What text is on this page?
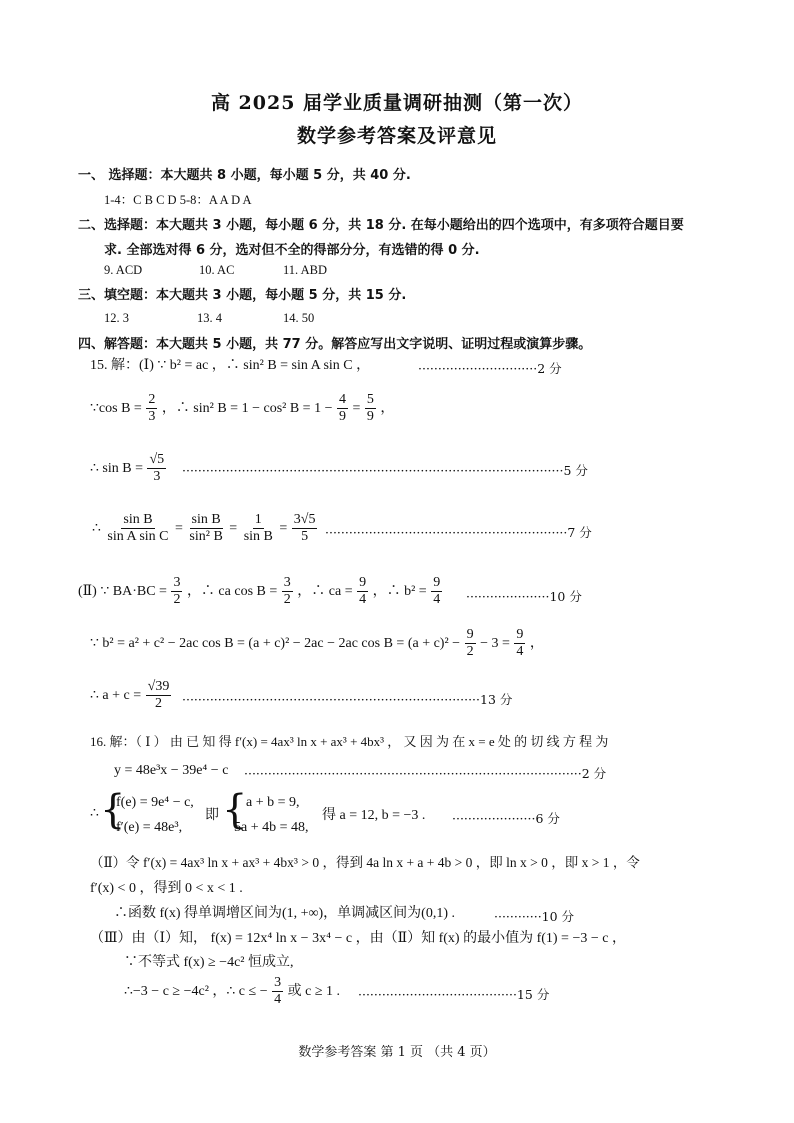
高 2025 届学业质量调研抽测（第一次）
数学参考答案及评意见
一、 选择题：本大题共 8 小题，每小题 5 分，共 40 分.
1-4：C B C D 5-8：A A D A
二、选择题：本大题共 3 小题，每小题 6 分，共 18 分. 在每小题给出的四个选项中，有多项符合题目要
求. 全部选对得 6 分，选对但不全的得部分分，有选错的得 0 分.
9. ACD	10. AC	11. ABD
三、填空题：本大题共 3 小题，每小题 5 分，共 15 分.
12. 3	13. 4	14. 50
四、解答题：本大题共 5 小题，共 77 分。解答应写出文字说明、证明过程或演算步骤。
15. 解：(Ⅰ) ∵ b² = ac ，∴ sin² B = sin A sin C ，	······························2 分
∵cos $B = \frac{2}{3}$ ，∴ sin² B = 1 − cos² $B = 1 - \frac{4}{9} = \frac{5}{9}$ ，
∴ $\sin B = \frac{√5}{3} \cdot\cdot\cdot\cdot\cdot\cdot\cdot\cdot\cdot\cdot\cdot\cdot\cdot\cdot\cdot\cdot\cdot\cdot\cdot\cdot\cdot\cdot\cdot\cdot\cdot\cdot\cdot\cdot\cdot\cdot\cdot\cdot\cdot\cdot\cdot\cdot\cdot\cdot\cdot\cdot\cdot\cdot\cdot\cdot\cdot\cdot\cdot\cdot\cdot\cdot\cdot\cdot\cdot\cdot\cdot\cdot\cdot\cdot\cdot\cdot\cdot\cdot\cdot\cdot\cdot\cdot\cdot\cdot\cdot\cdot\cdot\cdot\cdot\cdot\cdot\cdot\cdot\cdot\cdot\cdot\cdot\cdot\cdot\cdot\cdot\cdot\cdot\cdot\cdot\cdot\cdot\cdot\cdot\cdot\cdot\cdot 5$ 分
∴ $\frac{\text{sin B}}{\text{sin A sin C}} = \frac{\text{sin B}}{\text{sin² B}} = \frac{1}{\text{sin B}} = \frac{3√5}{5} \cdot\cdot\cdot\cdot\cdot\cdot\cdot\cdot\cdot\cdot\cdot\cdot\cdot\cdot\cdot\cdot\cdot\cdot\cdot\cdot\cdot\cdot\cdot\cdot\cdot\cdot\cdot\cdot\cdot\cdot\cdot\cdot\cdot\cdot\cdot\cdot\cdot\cdot\cdot\cdot\cdot\cdot\cdot\cdot\cdot\cdot\cdot\cdot\cdot\cdot\cdot\cdot\cdot\cdot\cdot\cdot\cdot\cdot\cdot\cdot\cdot 7$ 分
(Ⅱ) ∵ $BA\cdot BC = \frac{3}{2}$ ，∴ ca $\cos B = \frac{3}{2}$ ，∴ ca = $\frac{9}{4}$ ，∴ $b^2 = \frac{9}{4} \cdot\cdot\cdot\cdot\cdot\cdot\cdot\cdot\cdot\cdot\cdot\cdot\cdot\cdot\cdot\cdot\cdot\cdot\cdot\cdot\cdot 10$ 分
∵ b² = a² + c² − 2ac cos B = (a + c)² − 2ac − 2ac $\cos B = (a + c)^2 - \frac{9}{2} - 3 = \frac{9}{4}$ ，
∴ $a + c = \frac{√39}{2} \cdot\cdot\cdot\cdot\cdot\cdot\cdot\cdot\cdot\cdot\cdot\cdot\cdot\cdot\cdot\cdot\cdot\cdot\cdot\cdot\cdot\cdot\cdot\cdot\cdot\cdot\cdot\cdot\cdot\cdot\cdot\cdot\cdot\cdot\cdot\cdot\cdot\cdot\cdot\cdot\cdot\cdot\cdot\cdot\cdot\cdot\cdot\cdot\cdot\cdot\cdot\cdot\cdot\cdot\cdot\cdot\cdot\cdot\cdot\cdot\cdot\cdot\cdot\cdot\cdot\cdot\cdot\cdot\cdot\cdot\cdot\cdot\cdot\cdot\cdot 13$ 分
16. 解：（ Ⅰ ） 由 已 知 得 f′(x) = 4ax³ ln x + ax³ + 4bx³ ， 又 因 为 在 x = e 处 的 切 线 方 程 为
y = 48e³x − 39e⁴ − c ·····················································································2 分
∴ {
f(e) = 9e⁴ − c,
f′(e) = 48e³,
即 {
a + b = 9,
5a + 4b = 48,
得 a = 12, b = −3 . ·····················6 分
（Ⅱ）令 f′(x) = 4ax³ ln x + ax³ + 4bx³ > 0 ，得到 4a ln x + a + 4b > 0 ，即 ln x > 0 ，即 x > 1 ，令
f′(x) < 0 ，得到 0 < x < 1 .
∴函数 f(x) 得单调增区间为(1, +∞)，单调减区间为(0,1) .	············10 分
（Ⅲ）由（Ⅰ）知， f(x) = 12x⁴ ln x − 3x⁴ − c ，由（Ⅱ）知 f(x) 的最小值为 f(1) = −3 − c ，
∵不等式 f(x) ≥ −4c² 恒成立,
∴−3 − c ≥ −4c² ，∴ c ≤ − $\frac{3}{4}$ 或 c ≥ 1 . ········································15 分
数学参考答案 第 1 页 （共 4 页）
